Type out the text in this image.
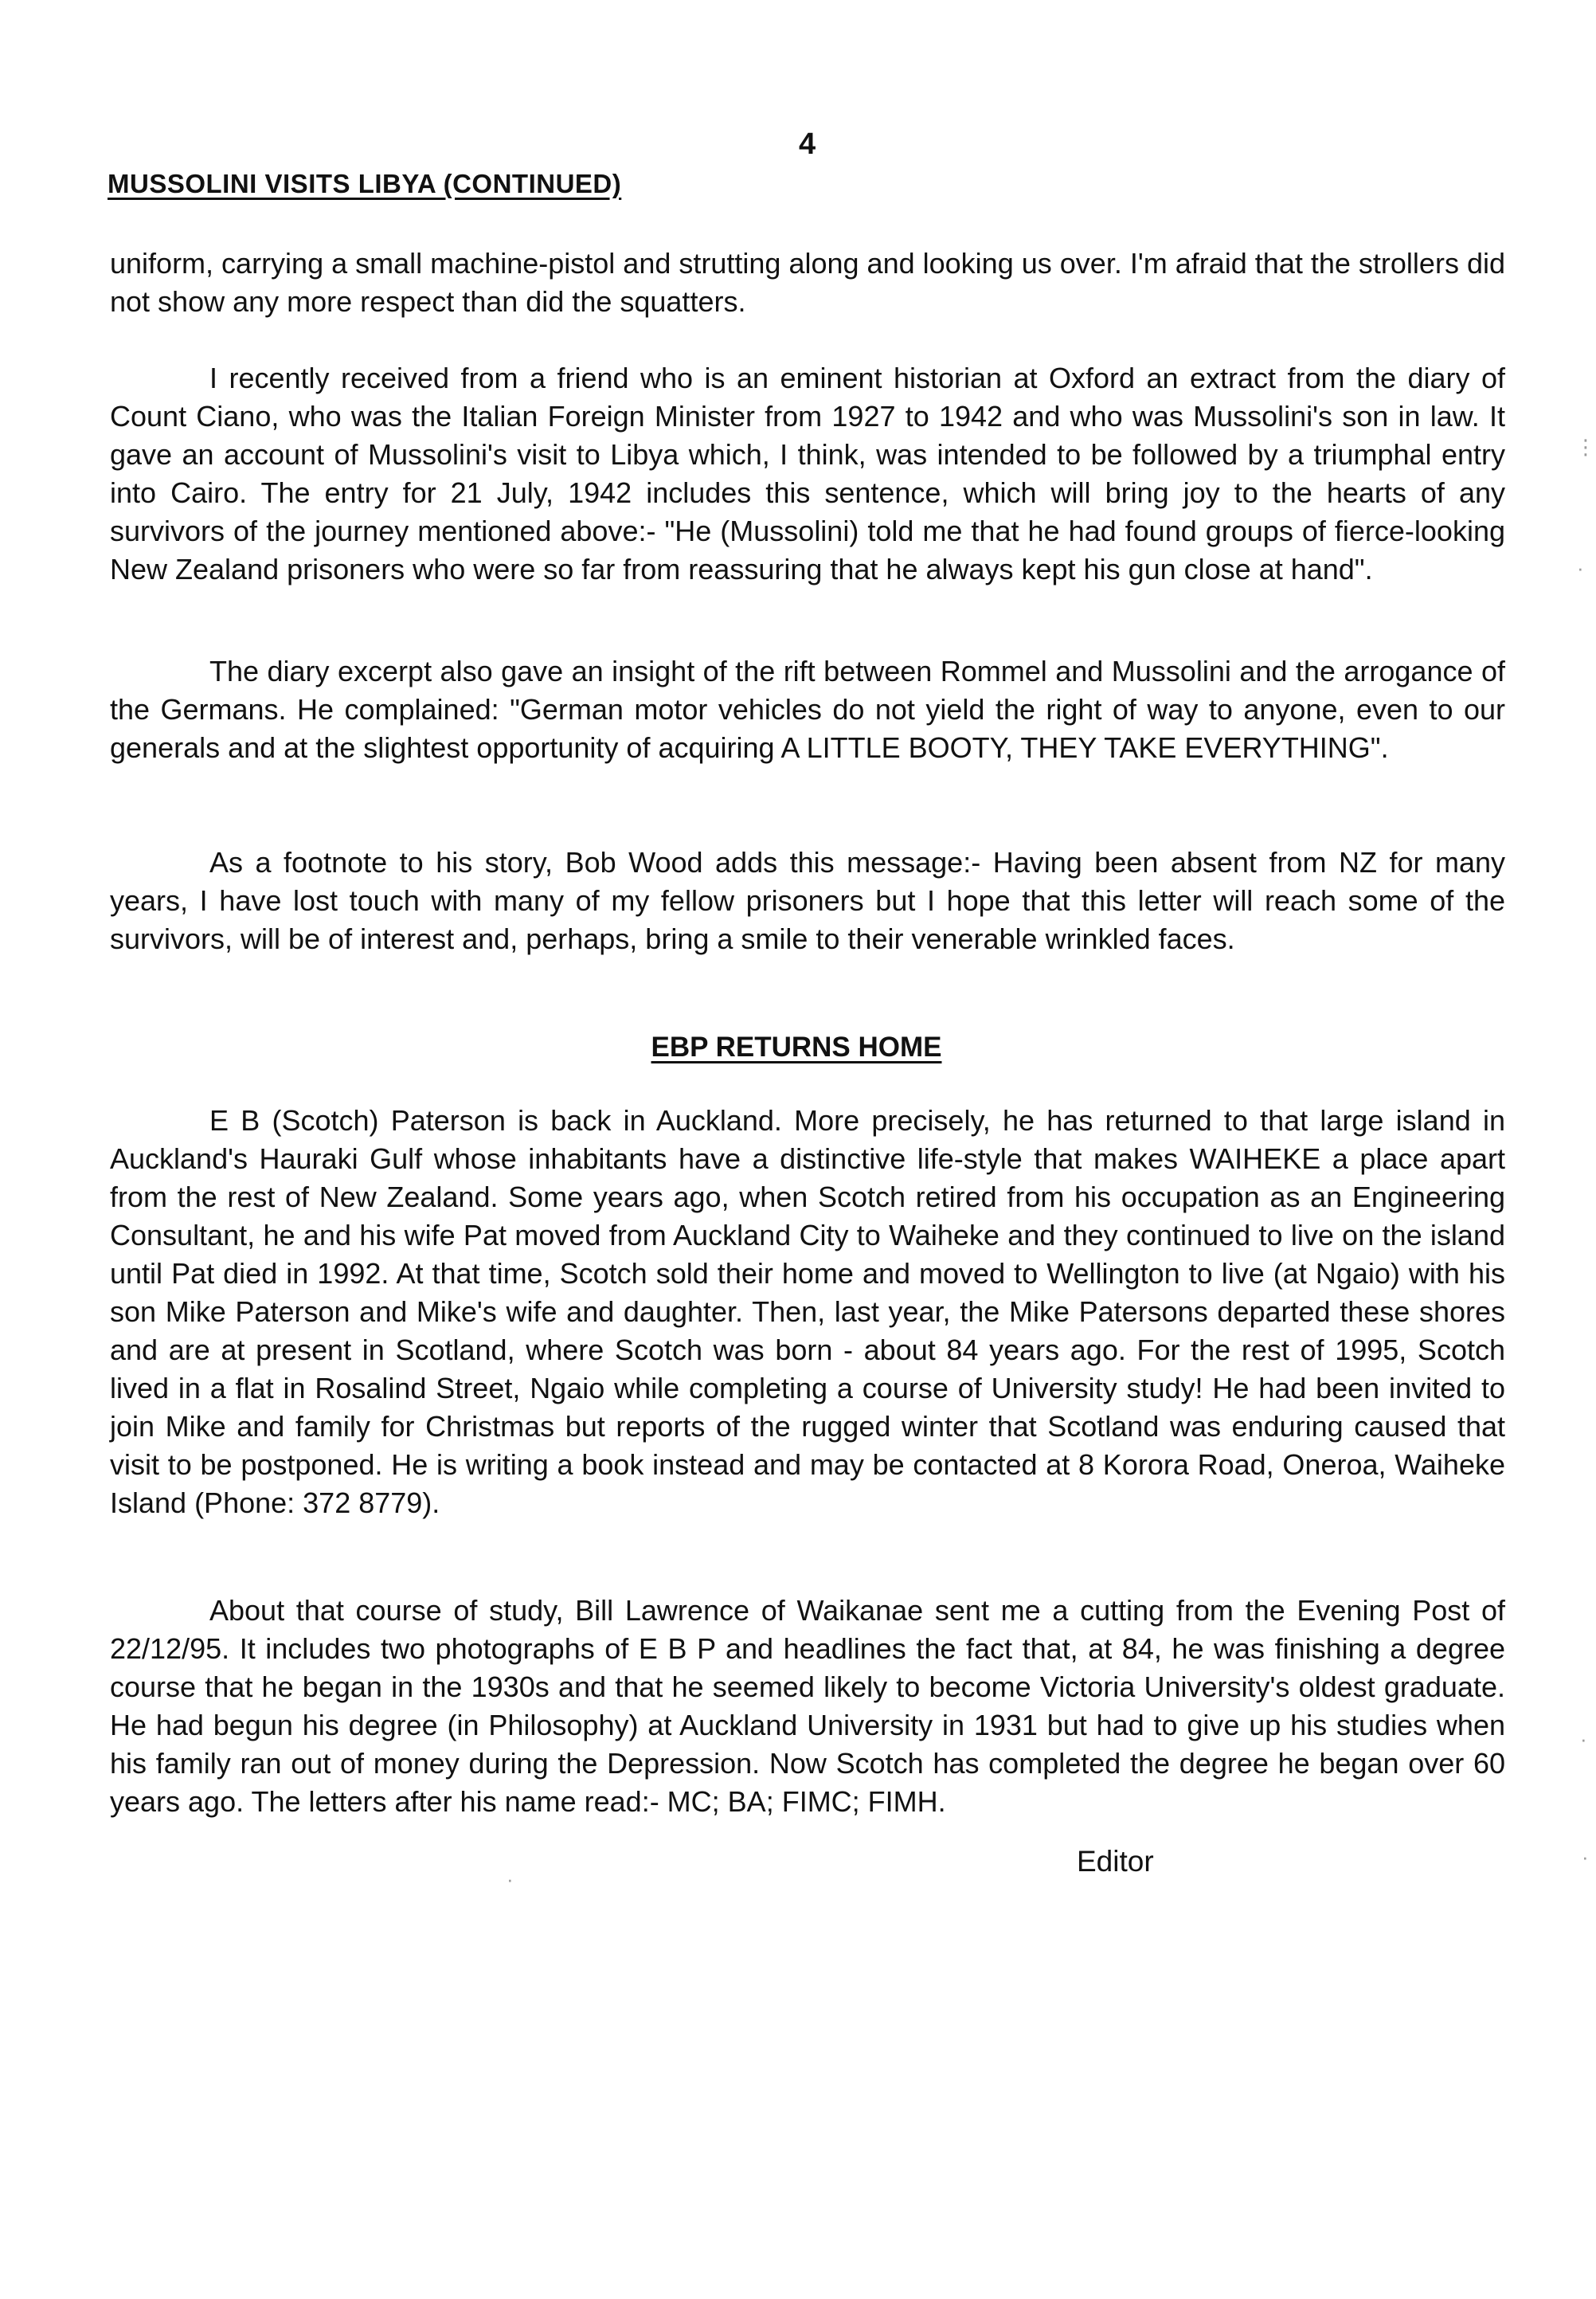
4
MUSSOLINI VISITS LIBYA (CONTINUED)

uniform, carrying a small machine-pistol and strutting along and looking us over. I'm afraid that the strollers did not show any more respect than did the squatters.

I recently received from a friend who is an eminent historian at Oxford an extract from the diary of Count Ciano, who was the Italian Foreign Minister from 1927 to 1942 and who was Mussolini's son in law. It gave an account of Mussolini's visit to Libya which, I think, was intended to be followed by a triumphal entry into Cairo. The entry for 21 July, 1942 includes this sentence, which will bring joy to the hearts of any survivors of the journey mentioned above:- "He (Mussolini) told me that he had found groups of fierce-looking New Zealand prisoners who were so far from reassuring that he always kept his gun close at hand".

The diary excerpt also gave an insight of the rift between Rommel and Mussolini and the arrogance of the Germans. He complained: "German motor vehicles do not yield the right of way to anyone, even to our generals and at the slightest opportunity of acquiring A LITTLE BOOTY, THEY TAKE EVERYTHING".

As a footnote to his story, Bob Wood adds this message:- Having been absent from NZ for many years, I have lost touch with many of my fellow prisoners but I hope that this letter will reach some of the survivors, will be of interest and, perhaps, bring a smile to their venerable wrinkled faces.

EBP RETURNS HOME

E B (Scotch) Paterson is back in Auckland. More precisely, he has returned to that large island in Auckland's Hauraki Gulf whose inhabitants have a distinctive life-style that makes WAIHEKE a place apart from the rest of New Zealand. Some years ago, when Scotch retired from his occupation as an Engineering Consultant, he and his wife Pat moved from Auckland City to Waiheke and they continued to live on the island until Pat died in 1992. At that time, Scotch sold their home and moved to Wellington to live (at Ngaio) with his son Mike Paterson and Mike's wife and daughter. Then, last year, the Mike Patersons departed these shores and are at present in Scotland, where Scotch was born - about 84 years ago. For the rest of 1995, Scotch lived in a flat in Rosalind Street, Ngaio while completing a course of University study! He had been invited to join Mike and family for Christmas but reports of the rugged winter that Scotland was enduring caused that visit to be postponed. He is writing a book instead and may be contacted at 8 Korora Road, Oneroa, Waiheke Island (Phone: 372 8779).

About that course of study, Bill Lawrence of Waikanae sent me a cutting from the Evening Post of 22/12/95. It includes two photographs of E B P and headlines the fact that, at 84, he was finishing a degree course that he began in the 1930s and that he seemed likely to become Victoria University's oldest graduate. He had begun his degree (in Philosophy) at Auckland University in 1931 but had to give up his studies when his family ran out of money during the Depression. Now Scotch has completed the degree he began over 60 years ago. The letters after his name read:- MC; BA; FIMC; FIMH.

Editor
⋮
·
·
·
·
